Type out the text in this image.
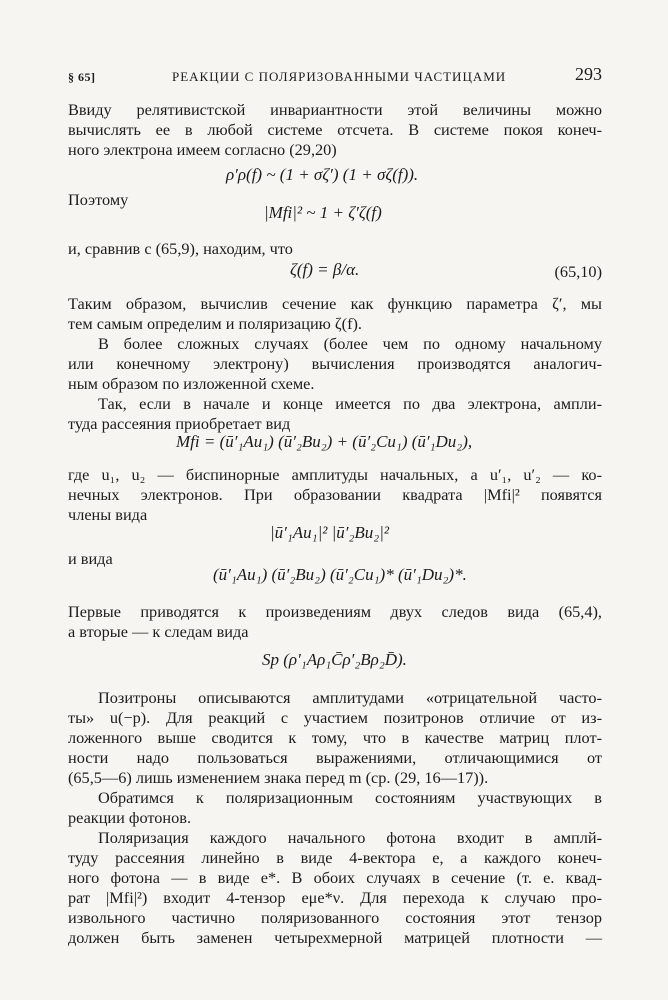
§ 65]	РЕАКЦИИ С ПОЛЯРИЗОВАННЫМИ ЧАСТИЦАМИ	293
Ввиду релятивистской инвариантности этой величины можно
вычислять ее в любой системе отсчета. В системе покоя конеч-
ного электрона имеем согласно (29,20)
ρ′ρ(f) ~ (1 + σζ′) (1 + σζ(f)).
Поэтому
|Mfi|² ~ 1 + ζ′ζ(f)
и, сравнив с (65,9), находим, что
ζ(f) = β/α.	(65,10)
Таким образом, вычислив сечение как функцию параметра ζ′, мы
тем самым определим и поляризацию ζ(f).
В более сложных случаях (более чем по одному начальному
или конечному электрону) вычисления производятся аналогич-
ным образом по изложенной схеме.
Так, если в начале и конце имеется по два электрона, ампли-
туда рассеяния приобретает вид
Mfi = (ū′₁Au₁) (ū′₂Bu₂) + (ū′₂Cu₁) (ū′₁Du₂),
где u₁, u₂ — биспинорные амплитуды начальных, а u′₁, u′₂ — ко-
нечных электронов. При образовании квадрата |Mfi|² появятся
члены вида
|ū′₁Au₁|² |ū′₂Bu₂|²
и вида
(ū′₁Au₁) (ū′₂Bu₂) (ū′₂Cu₁)* (ū′₁Du₂)*.
Первые приводятся к произведениям двух следов вида (65,4),
а вторые — к следам вида
Sp (ρ′₁Aρ₁C̄ρ′₂Bρ₂D̄).
Позитроны описываются амплитудами «отрицательной часто-
ты» u(−p). Для реакций с участием позитронов отличие от из-
ложенного выше сводится к тому, что в качестве матриц плот-
ности надо пользоваться выражениями, отличающимися от
(65,5—6) лишь изменением знака перед m (ср. (29, 16—17)).
Обратимся к поляризационным состояниям участвующих в
реакции фотонов.
Поляризация каждого начального фотона входит в амплй-
туду рассеяния линейно в виде 4-вектора e, а каждого конеч-
ного фотона — в виде e*. В обоих случаях в сечение (т. е. квад-
рат |Mfi|²) входит 4-тензор eμe*ν. Для перехода к случаю про-
извольного частично поляризованного состояния этот тензор
должен быть заменен четырехмерной матрицей плотности —
